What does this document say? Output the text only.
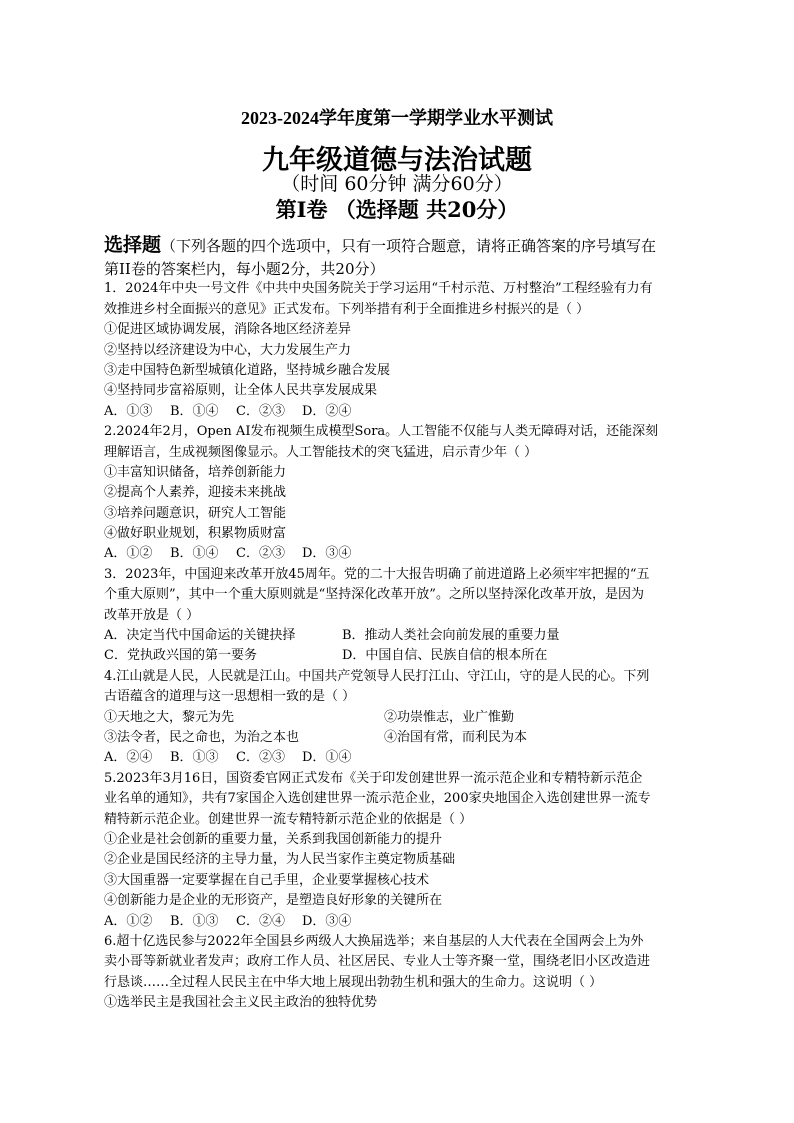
2023-2024学年度第一学期学业水平测试
九年级道德与法治试题
（时间 60分钟 满分60分）
第Ⅰ卷 （选择题 共20分）
选择题（下列各题的四个选项中，只有一项符合题意，请将正确答案的序号填写在
第II卷的答案栏内，每小题2分，共20分）
1．2024年中央一号文件《中共中央国务院关于学习运用“千村示范、万村整治”工程经验有力有
效推进乡村全面振兴的意见》正式发布。下列举措有利于全面推进乡村振兴的是（ ）
①促进区域协调发展，消除各地区经济差异
②坚持以经济建设为中心，大力发展生产力
③走中国特色新型城镇化道路，坚持城乡融合发展
④坚持同步富裕原则，让全体人民共享发展成果
A．①③ B．①④ C．②③ D．②④
2.2024年2月，Open AI发布视频生成模型Sora。人工智能不仅能与人类无障碍对话，还能深刻
理解语言，生成视频图像显示。人工智能技术的突飞猛进，启示青少年（ ）
①丰富知识储备，培养创新能力
②提高个人素养，迎接未来挑战
③培养问题意识，研究人工智能
④做好职业规划，积累物质财富
A．①② B．①④ C．②③ D．③④
3．2023年，中国迎来改革开放45周年。党的二十大报告明确了前进道路上必须牢牢把握的“五
个重大原则”，其中一个重大原则就是“坚持深化改革开放”。之所以坚持深化改革开放，是因为
改革开放是（ ）
A．决定当代中国命运的关键抉择	B．推动人类社会向前发展的重要力量
C．党执政兴国的第一要务	D．中国自信、民族自信的根本所在
4.江山就是人民，人民就是江山。中国共产党领导人民打江山、守江山，守的是人民的心。下列
古语蕴含的道理与这一思想相一致的是（ ）
①天地之大，黎元为先	②功崇惟志，业广惟勤
③法令者，民之命也，为治之本也	④治国有常，而利民为本
A．②④ B．①③ C．②③ D．①④
5.2023年3月16日，国资委官网正式发布《关于印发创建世界一流示范企业和专精特新示范企
业名单的通知》，共有7家国企入选创建世界一流示范企业，200家央地国企入选创建世界一流专
精特新示范企业。创建世界一流专精特新示范企业的依据是（ ）
①企业是社会创新的重要力量，关系到我国创新能力的提升
②企业是国民经济的主导力量，为人民当家作主奠定物质基础
③大国重器一定要掌握在自己手里，企业要掌握核心技术
④创新能力是企业的无形资产，是塑造良好形象的关键所在
A．①② B．①③ C．②④ D．③④
6.超十亿选民参与2022年全国县乡两级人大换届选举；来自基层的人大代表在全国两会上为外
卖小哥等新就业者发声；政府工作人员、社区居民、专业人士等齐聚一堂，围绕老旧小区改造进
行恳谈……全过程人民民主在中华大地上展现出勃勃生机和强大的生命力。这说明（ ）
①选举民主是我国社会主义民主政治的独特优势
